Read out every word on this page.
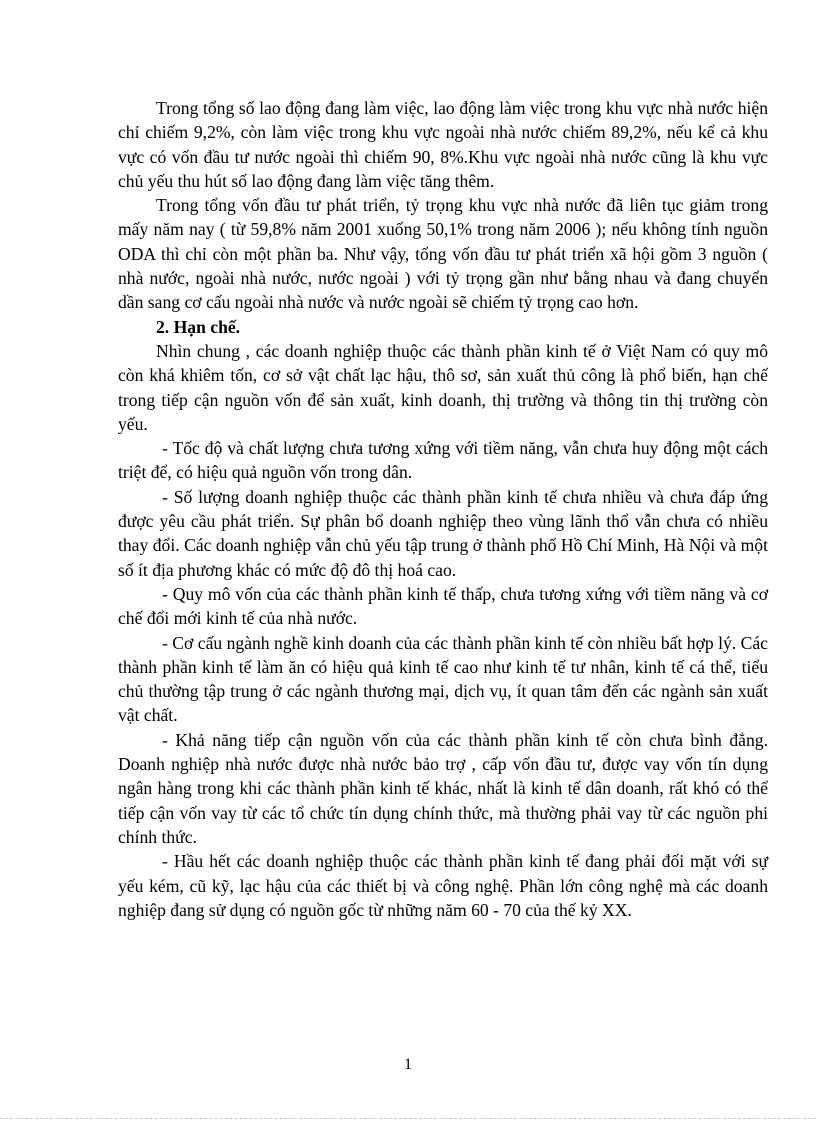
Trong tổng số lao động đang làm việc, lao động làm việc trong khu vực nhà nước hiện chỉ chiếm 9,2%, còn làm việc trong khu vực ngoài nhà nước chiếm 89,2%, nếu kể cả khu vực có vốn đầu tư nước ngoài thì chiếm 90, 8%.Khu vực ngoài nhà nước cũng là khu vực chủ yếu thu hút số lao động đang làm việc tăng thêm.

Trong tổng vốn đầu tư phát triển, tỷ trọng khu vực nhà nước đã liên tục giảm trong mấy năm nay ( từ 59,8% năm 2001 xuống 50,1% trong năm 2006 ); nếu không tính nguồn ODA thì chỉ còn một phần ba. Như vậy, tổng vốn đầu tư phát triển xã hội gồm 3 nguồn ( nhà nước, ngoài nhà nước, nước ngoài ) với tỷ trọng gần như bằng nhau và đang chuyển dần sang cơ cấu ngoài nhà nước và nước ngoài sẽ chiếm tỷ trọng cao hơn.

2. Hạn chế.

Nhìn chung , các doanh nghiệp thuộc các thành phần kinh tế ở Việt Nam có quy mô còn khá khiêm tốn, cơ sở vật chất lạc hậu, thô sơ, sản xuất thủ công là phổ biến, hạn chế trong tiếp cận nguồn vốn để sản xuất, kinh doanh, thị trường và thông tin thị trường còn yếu.

- Tốc độ và chất lượng chưa tương xứng với tiềm năng, vẫn chưa huy động một cách triệt để, có hiệu quả nguồn vốn trong dân.

- Số lượng doanh nghiệp thuộc các thành phần kinh tế chưa nhiều và chưa đáp ứng được yêu cầu phát triển. Sự phân bổ doanh nghiệp theo vùng lãnh thổ vẫn chưa có nhiều thay đổi. Các doanh nghiệp vẫn chủ yếu tập trung ở thành phố Hồ Chí Minh, Hà Nội và một số ít địa phương khác có mức độ đô thị hoá cao.

- Quy mô vốn của các thành phần kinh tế thấp, chưa tương xứng với tiềm năng và cơ chế đổi mới kinh tế của nhà nước.

- Cơ cấu ngành nghề kinh doanh của các thành phần kinh tế còn nhiều bất hợp lý. Các thành phần kinh tế làm ăn có hiệu quả kinh tế cao như kinh tế tư nhân, kinh tế cá thể, tiểu chủ thường tập trung ở các ngành thương mại, dịch vụ, ít quan tâm đến các ngành sản xuất vật chất.

- Khả năng tiếp cận nguồn vốn của các thành phần kinh tế còn chưa bình đẳng. Doanh nghiệp nhà nước được nhà nước bảo trợ , cấp vốn đầu tư, được vay vốn tín dụng ngân hàng trong khi các thành phần kinh tế khác, nhất là kinh tế dân doanh, rất khó có thể tiếp cận vốn vay từ các tổ chức tín dụng chính thức, mà thường phải vay từ các nguồn phi chính thức.

- Hầu hết các doanh nghiệp thuộc các thành phần kinh tế đang phải đối mặt với sự yếu kém, cũ kỹ, lạc hậu của các thiết bị và công nghệ. Phần lớn công nghệ mà các doanh nghiệp đang sử dụng có nguồn gốc từ những năm 60 - 70 của thế kỷ XX.

1
